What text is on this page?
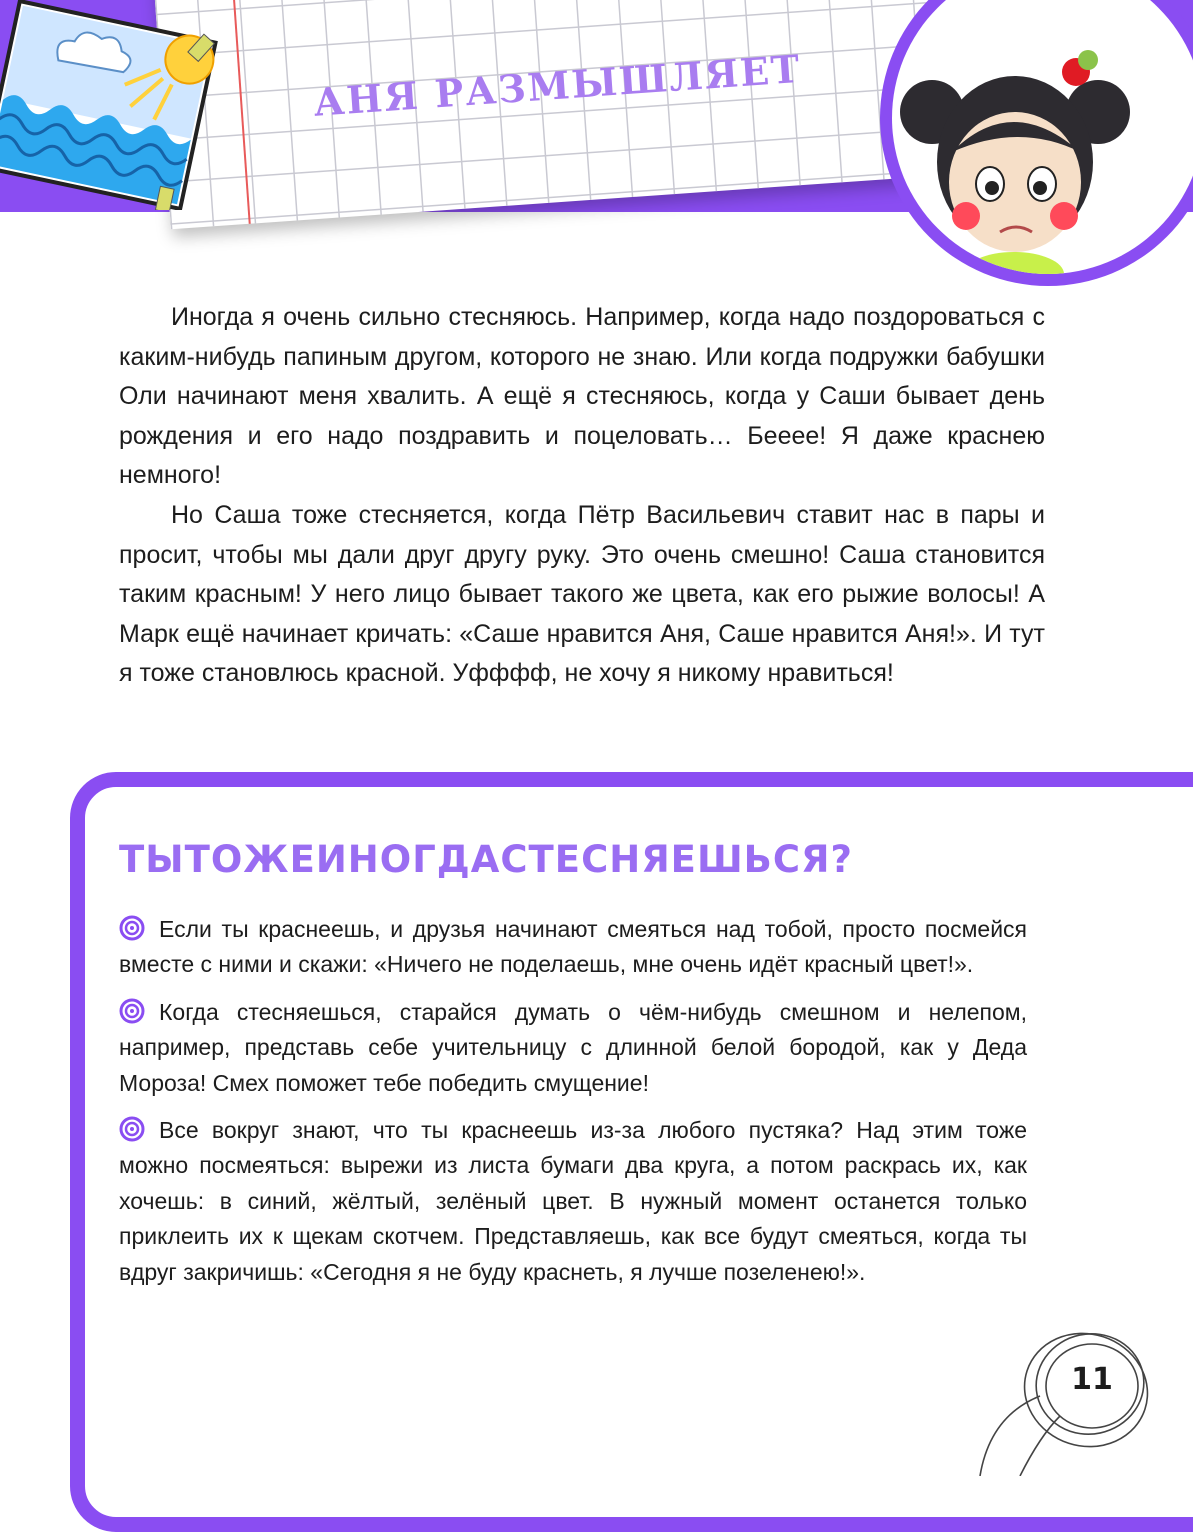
АНЯ РАЗМЫШЛЯЕТ

Иногда я очень сильно стесняюсь. Например, когда надо поздороваться с каким-нибудь папиным другом, которого не знаю. Или когда подружки бабушки Оли начинают меня хвалить. А ещё я стесняюсь, когда у Саши бывает день рождения и его надо поздравить и поцеловать… Бееее! Я даже краснею немного!

Но Саша тоже стесняется, когда Пётр Васильевич ставит нас в пары и просит, чтобы мы дали друг другу руку. Это очень смешно! Саша становится таким красным! У него лицо бывает такого же цвета, как его рыжие волосы! А Марк ещё начинает кричать: «Саше нравится Аня, Саше нравится Аня!». И тут я тоже становлюсь красной. Уфффф, не хочу я никому нравиться!

ТЫ ТОЖЕ ИНОГДА СТЕСНЯЕШЬСЯ?

Если ты краснеешь, и друзья начинают смеяться над тобой, просто посмейся вместе с ними и скажи: «Ничего не поделаешь, мне очень идёт красный цвет!».

Когда стесняешься, старайся думать о чём-нибудь смешном и нелепом, например, представь себе учительницу с длинной белой бородой, как у Деда Мороза! Смех поможет тебе победить смущение!

Все вокруг знают, что ты краснеешь из-за любого пустяка? Над этим тоже можно посмеяться: вырежи из листа бумаги два круга, а потом раскрась их, как хочешь: в синий, жёлтый, зелёный цвет. В нужный момент останется только приклеить их к щекам скотчем. Представляешь, как все будут смеяться, когда ты вдруг закричишь: «Сегодня я не буду краснеть, я лучше позеленею!».

11
